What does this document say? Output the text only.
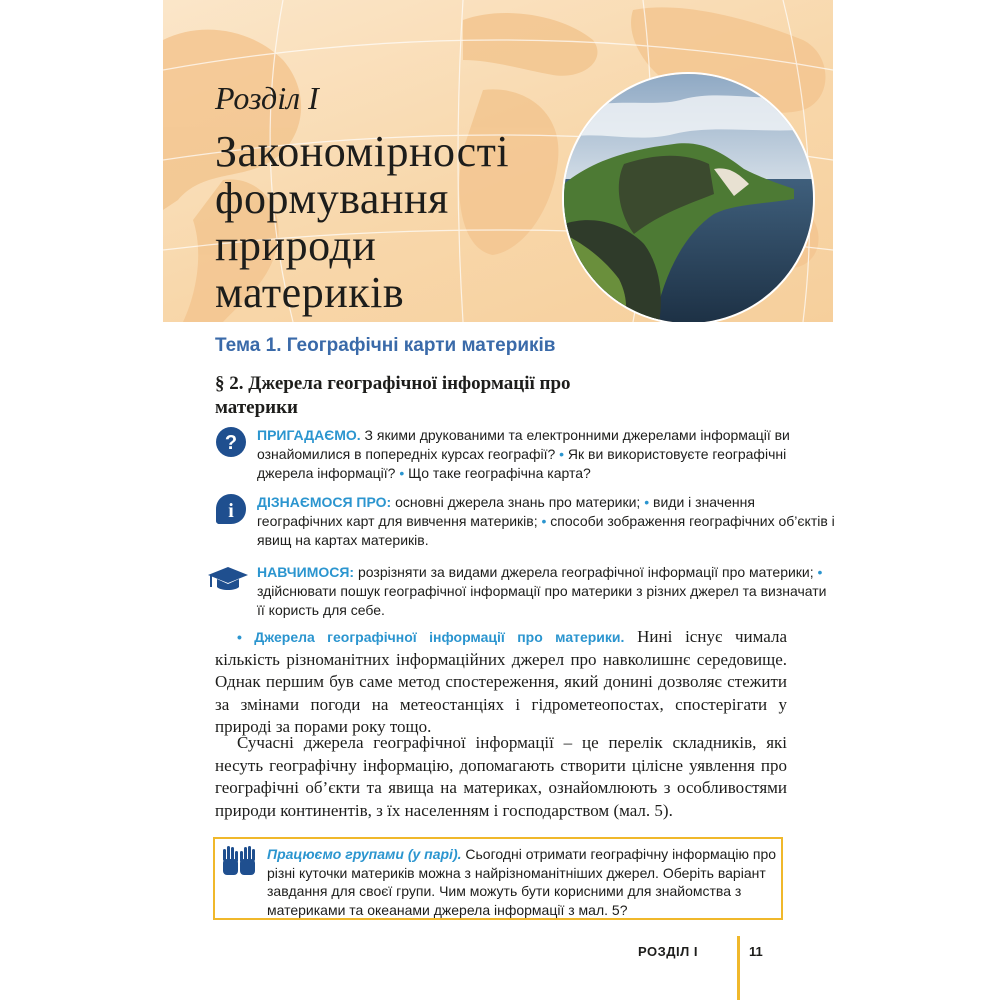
Розділ I
Закономірності
формування
природи
материків
Тема 1. Географічні карти материків
§ 2. Джерела географічної інформації про материки
? ПРИГАДАЄМО. З якими друкованими та електронними джерелами інформації ви ознайомилися в попередніх курсах географії? • Як ви використовуєте географічні джерела інформації? • Що таке географічна карта?
i ДІЗНАЄМОСЯ ПРО: основні джерела знань про материки; • види і значення географічних карт для вивчення материків; • способи зображення географічних об’єктів і явищ на картах материків.
НАВЧИМОСЯ: розрізняти за видами джерела географічної інформації про материки; • здійснювати пошук географічної інформації про материки з різних джерел та визначати її користь для себе.
• Джерела географічної інформації про материки. Нині існує чимала кількість різноманітних інформаційних джерел про навколишнє середовище. Однак першим був саме метод спостереження, який донині дозволяє стежити за змінами погоди на метеостанціях і гідрометеопостах, спостерігати у природі за порами року тощо.
Сучасні джерела географічної інформації – це перелік складників, які несуть географічну інформацію, допомагають створити цілісне уявлення про географічні об’єкти та явища на материках, ознайомлюють з особливостями природи континентів, з їх населенням і господарством (мал. 5).
Працюємо групами (у парі). Сьогодні отримати географічну інформацію про різні куточки материків можна з найрізноманітніших джерел. Оберіть варіант завдання для своєї групи. Чим можуть бути корисними для знайомства з материками та океанами джерела інформації з мал. 5?
РОЗДІЛ I	11
